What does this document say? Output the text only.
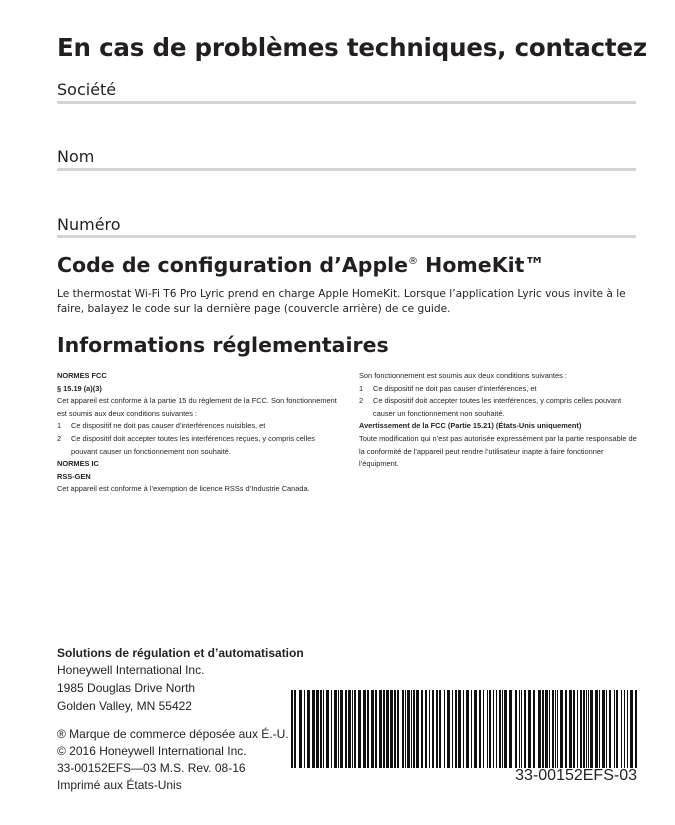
En cas de problèmes techniques, contactez
Société
Nom
Numéro
Code de configuration d’Apple® HomeKit™
Le thermostat Wi-Fi T6 Pro Lyric prend en charge Apple HomeKit. Lorsque l’application Lyric vous invite à le faire, balayez le code sur la dernière page (couvercle arrière) de ce guide.
Informations réglementaires
NORMES FCC
§ 15.19 (a)(3)
Cet appareil est conforme à la partie 15 du règlement de la FCC. Son fonctionnement est soumis aux deux conditions suivantes :
1	Ce dispositif ne doit pas causer d’interférences nuisibles, et
2	Ce dispositif doit accepter toutes les interférences reçues, y compris celles pouvant causer un fonctionnement non souhaité.
NORMES IC
RSS-GEN
Cet appareil est conforme à l’exemption de licence RSSs d’Industrie Canada.
Son fonctionnement est soumis aux deux conditions suivantes :
1	Ce dispositif ne doit pas causer d’interférences, et
2	Ce dispositif doit accepter toutes les interférences, y compris celles pouvant causer un fonctionnement non souhaité.
Avertissement de la FCC (Partie 15.21) (États-Unis uniquement)
Toute modification qui n’est pas autorisée expressément par la partie responsable de la conformité de l’appareil peut rendre l’utilisateur inapte à faire fonctionner l’équipment.
Solutions de régulation et d’automatisation
Honeywell International Inc.
1985 Douglas Drive North
Golden Valley, MN 55422
® Marque de commerce déposée aux É.-U.
© 2016 Honeywell International Inc.
33-00152EFS—03 M.S. Rev. 08-16
Imprimé aux États-Unis
33-00152EFS-03
